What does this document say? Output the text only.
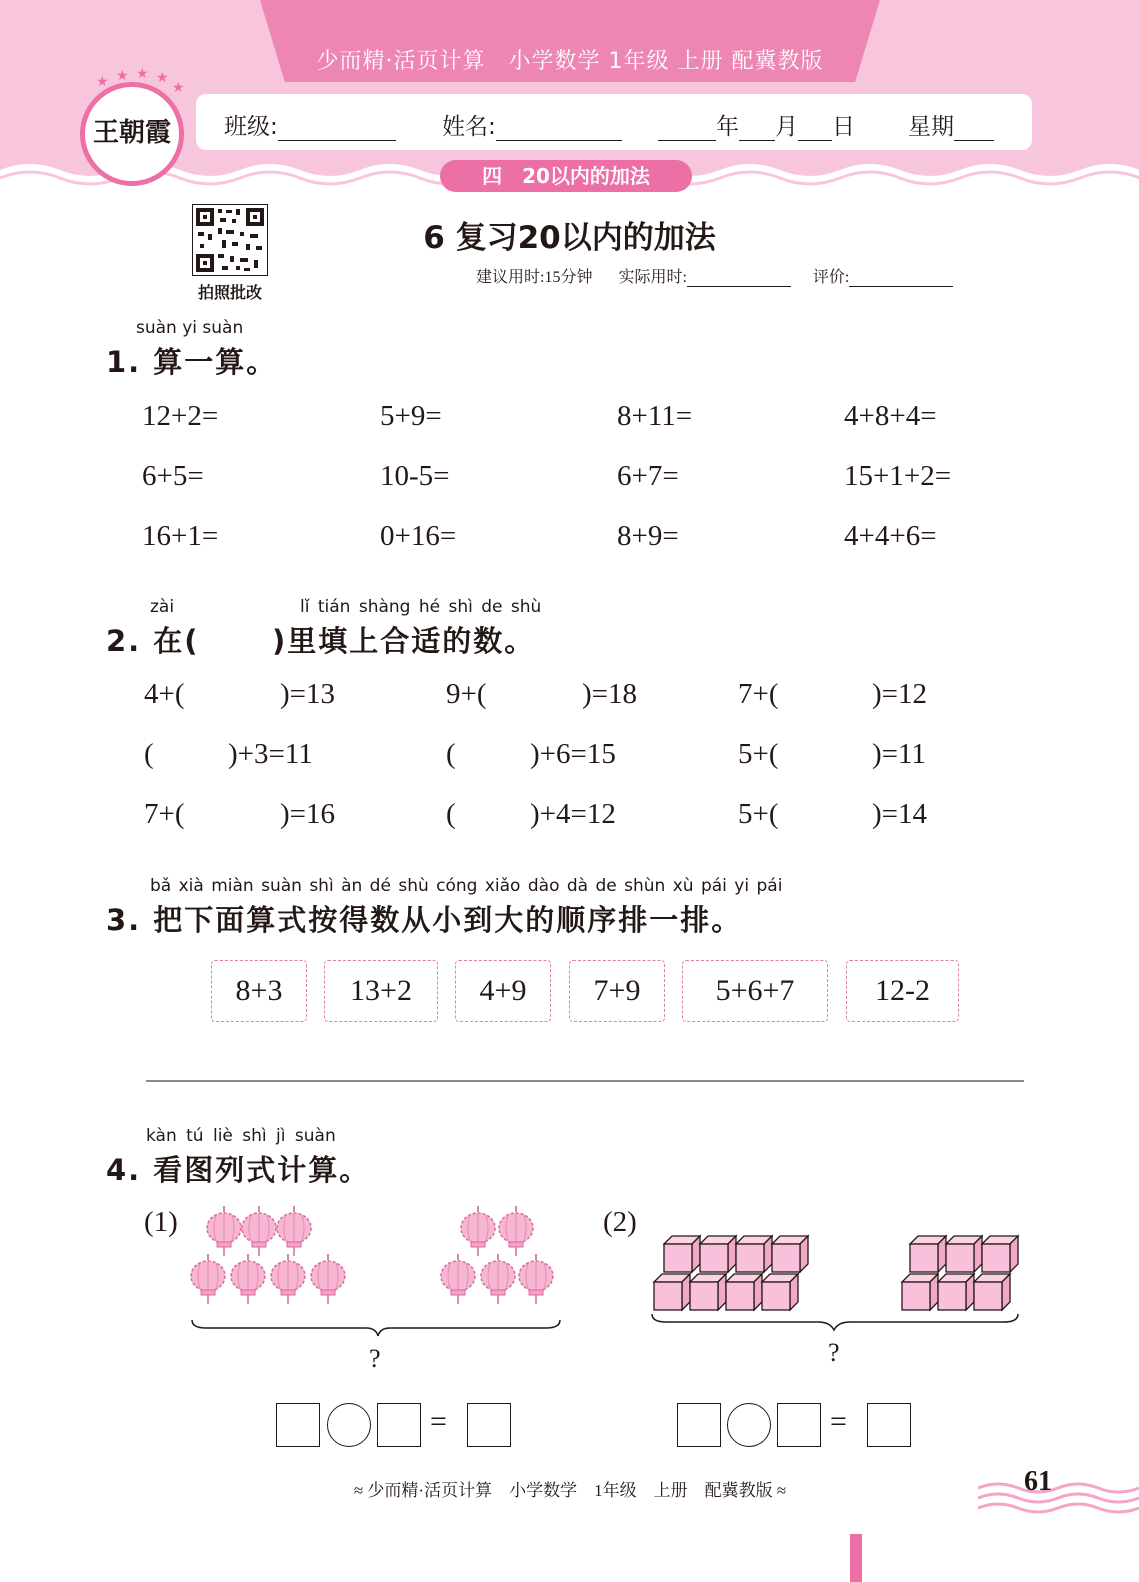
少而精·活页计算　小学数学 1年级 上册 配冀教版
班级:	姓名:	年 月 日 星期
★ ★ ★ ★
★
王朝霞
四　20以内的加法
拍照批改
6 复习20以内的加法
建议用时:15分钟 实际用时:	评价:
suàn yi suàn
1. 算一算。
12+2=	5+9=	8+11=	4+8+4=
6+5=	10-5=	6+7=	15+1+2=
16+1=	0+16=	8+9=	4+4+6=
zài	lǐ tián shàng hé shì de shù
2. 在( )里填上合适的数。
4+(	)=13	9+(	)=18	7+(	)=12
(	)+3=11	(	)+6=15	5+(	)=11
7+(	)=16	(	)+4=12	5+(	)=14
bǎ xià miàn suàn shì àn dé shù cóng xiǎo dào dà de shùn xù pái yi pái
3. 把下面算式按得数从小到大的顺序排一排。
8+3	13+2	4+9	7+9	5+6+7	12-2
kàn tú liè shì jì suàn
4. 看图列式计算。
(1)	(2)
?	?
=	=
≈ 少而精·活页计算　小学数学　1年级　上册　配冀教版 ≈	61
